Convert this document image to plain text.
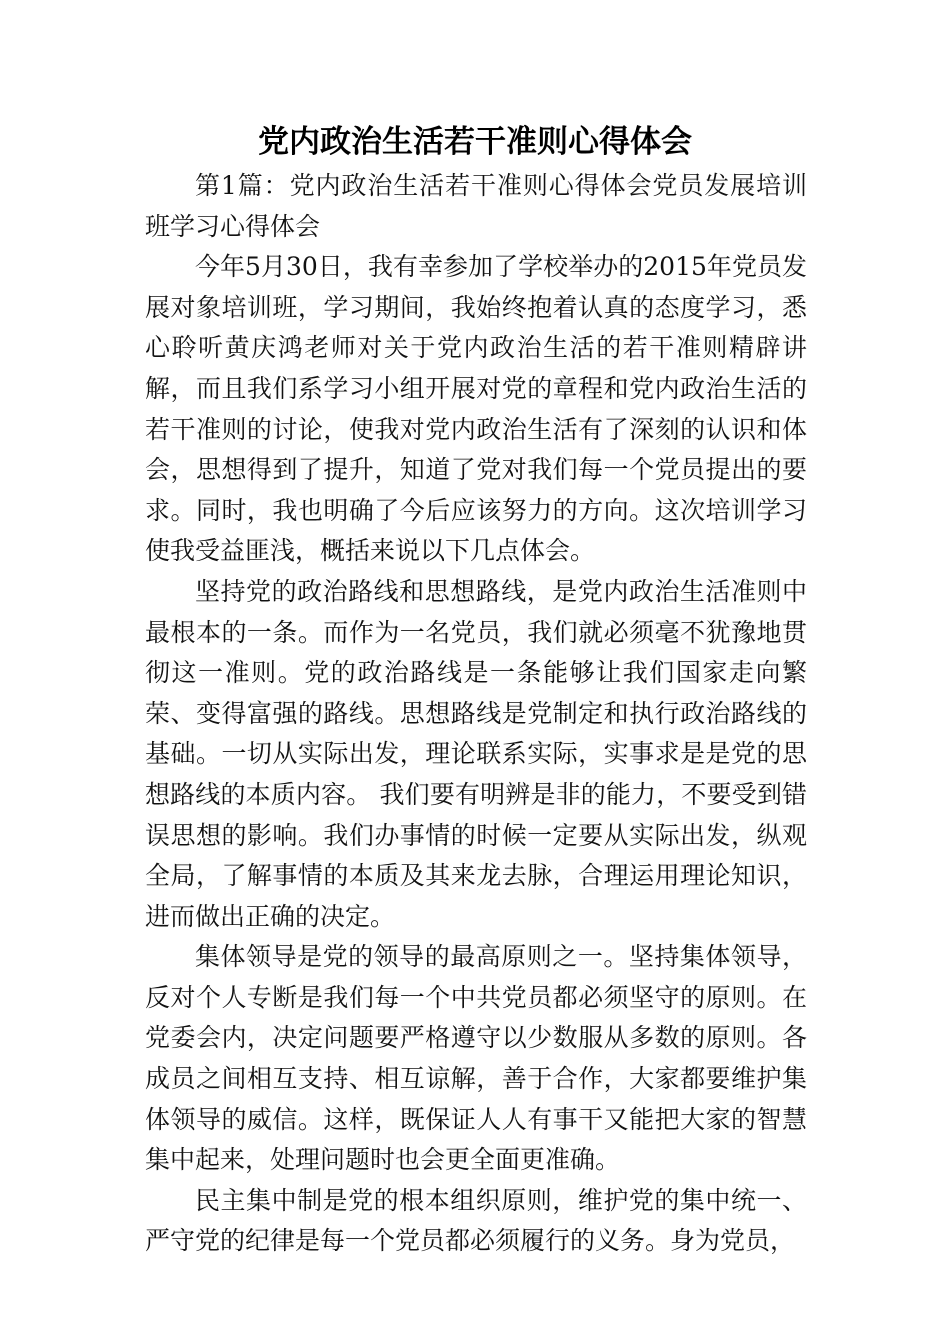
党内政治生活若干准则心得体会

第1篇：党内政治生活若干准则心得体会党员发展培训班学习心得体会

今年5月30日，我有幸参加了学校举办的2015年党员发展对象培训班，学习期间，我始终抱着认真的态度学习，悉心聆听黄庆鸿老师对关于党内政治生活的若干准则精辟讲解，而且我们系学习小组开展对党的章程和党内政治生活的若干准则的讨论，使我对党内政治生活有了深刻的认识和体会，思想得到了提升，知道了党对我们每一个党员提出的要求。同时，我也明确了今后应该努力的方向。这次培训学习使我受益匪浅，概括来说以下几点体会。

坚持党的政治路线和思想路线，是党内政治生活准则中最根本的一条。而作为一名党员，我们就必须毫不犹豫地贯彻这一准则。党的政治路线是一条能够让我们国家走向繁荣、变得富强的路线。思想路线是党制定和执行政治路线的基础。一切从实际出发，理论联系实际，实事求是是党的思想路线的本质内容。 我们要有明辨是非的能力，不要受到错误思想的影响。我们办事情的时候一定要从实际出发，纵观全局，了解事情的本质及其来龙去脉，合理运用理论知识，进而做出正确的决定。

集体领导是党的领导的最高原则之一。坚持集体领导，反对个人专断是我们每一个中共党员都必须坚守的原则。在党委会内，决定问题要严格遵守以少数服从多数的原则。各成员之间相互支持、相互谅解，善于合作，大家都要维护集体领导的威信。这样，既保证人人有事干又能把大家的智慧集中起来，处理问题时也会更全面更准确。

民主集中制是党的根本组织原则，维护党的集中统一、严守党的纪律是每一个党员都必须履行的义务。身为党员，
